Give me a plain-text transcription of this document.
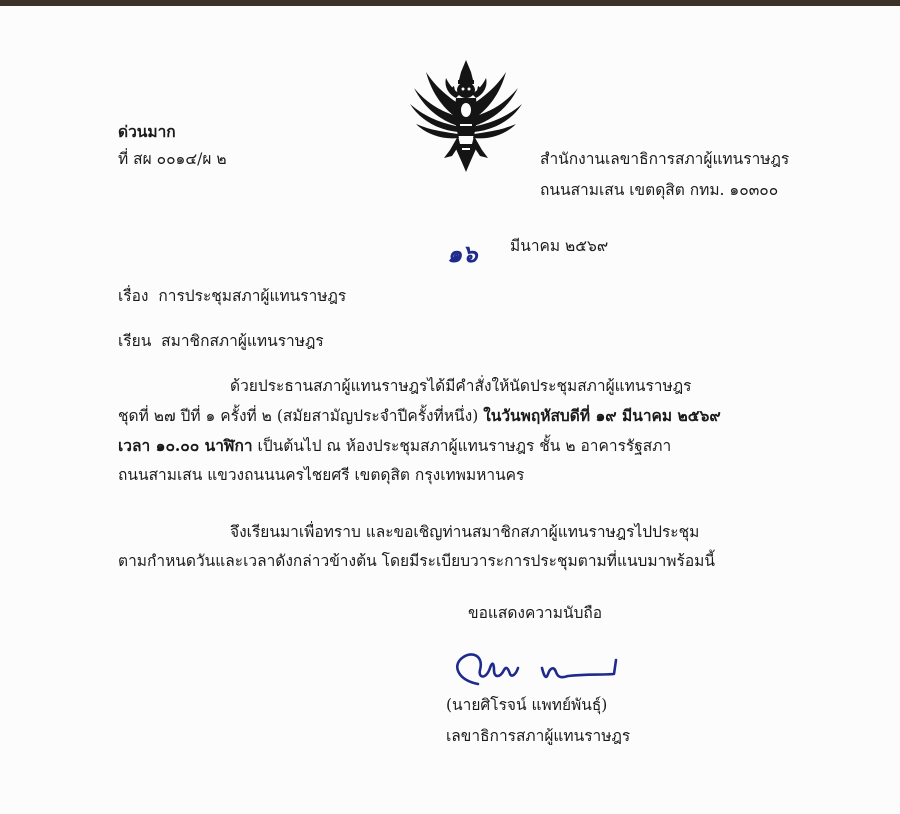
ด่วนมาก
ที่ สผ ๐๐๑๔/ผ ๒	สำนักงานเลขาธิการสภาผู้แทนราษฎร
ถนนสามเสน เขตดุสิต กทม. ๑๐๓๐๐
๑๖ มีนาคม ๒๕๖๙
เรื่อง การประชุมสภาผู้แทนราษฎร
เรียน สมาชิกสภาผู้แทนราษฎร
ด้วยประธานสภาผู้แทนราษฎรได้มีคำสั่งให้นัดประชุมสภาผู้แทนราษฎร
ชุดที่ ๒๗ ปีที่ ๑ ครั้งที่ ๒ (สมัยสามัญประจำปีครั้งที่หนึ่ง) ในวันพฤหัสบดีที่ ๑๙ มีนาคม ๒๕๖๙
เวลา ๑๐.๐๐ นาฬิกา เป็นต้นไป ณ ห้องประชุมสภาผู้แทนราษฎร ชั้น ๒ อาคารรัฐสภา
ถนนสามเสน แขวงถนนนครไชยศรี เขตดุสิต กรุงเทพมหานคร
จึงเรียนมาเพื่อทราบ และขอเชิญท่านสมาชิกสภาผู้แทนราษฎรไปประชุม
ตามกำหนดวันและเวลาดังกล่าวข้างต้น โดยมีระเบียบวาระการประชุมตามที่แนบมาพร้อมนี้
ขอแสดงความนับถือ
(นายศิโรจน์ แพทย์พันธุ์)
เลขาธิการสภาผู้แทนราษฎร
